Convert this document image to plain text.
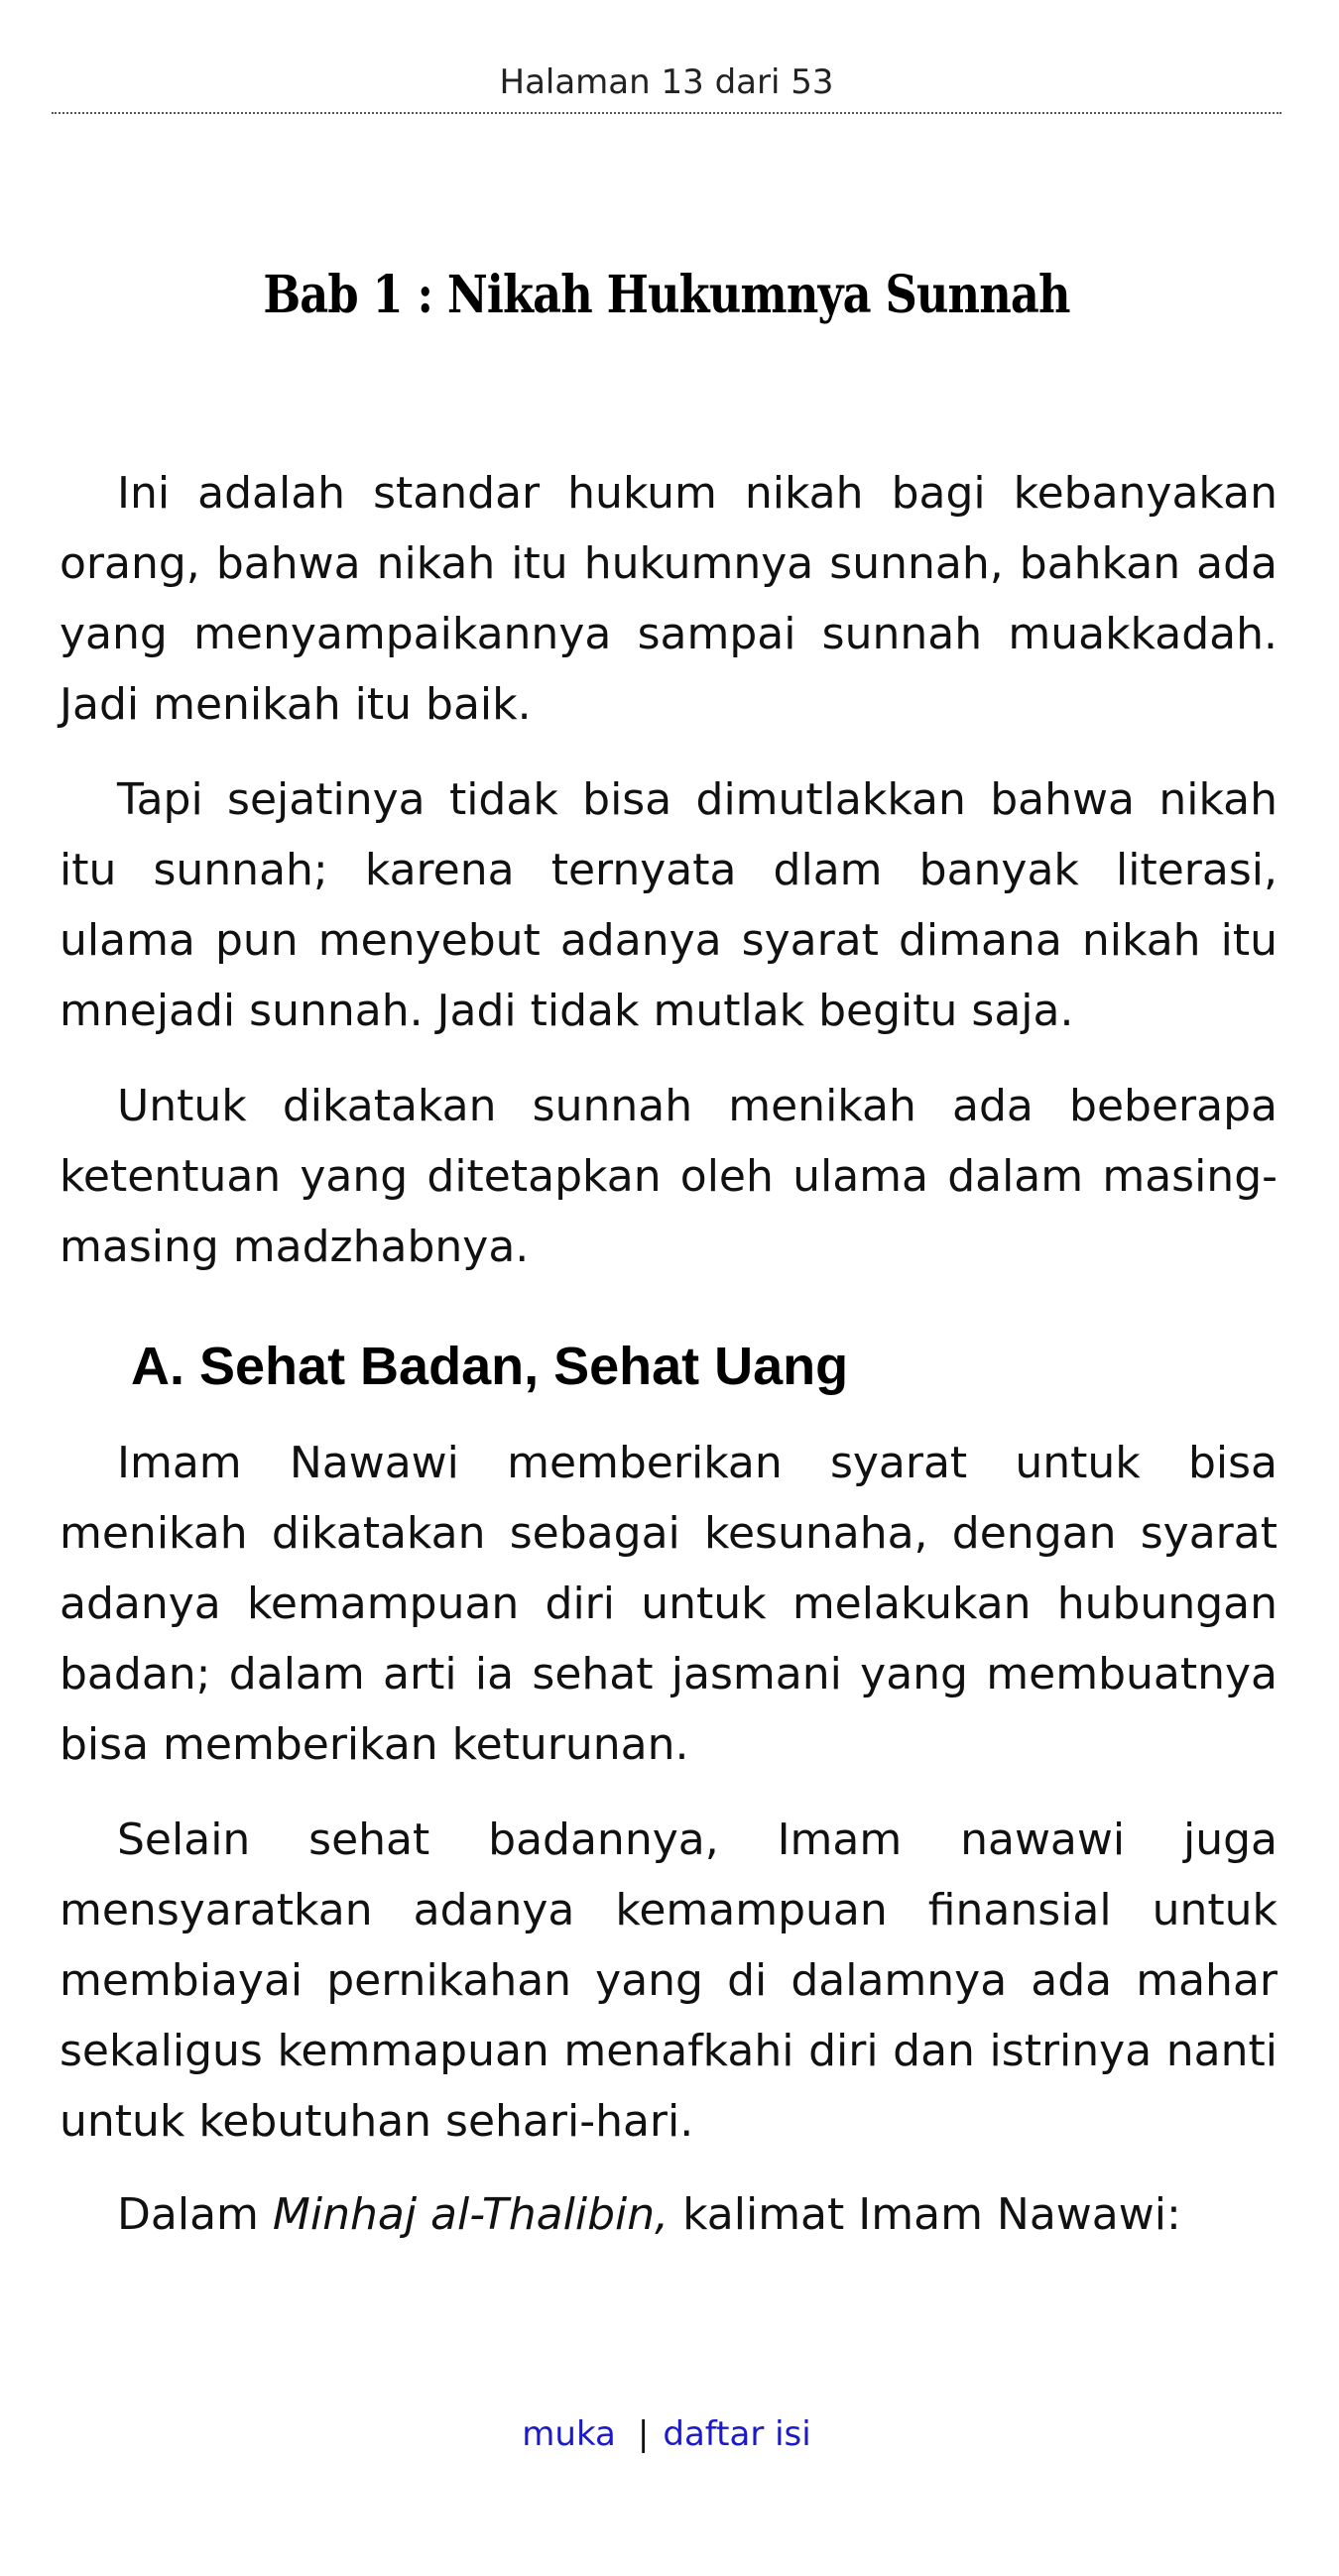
Halaman 13 dari 53
Bab 1 : Nikah Hukumnya Sunnah

Ini adalah standar hukum nikah bagi kebanyakan orang, bahwa nikah itu hukumnya sunnah, bahkan ada yang menyampaikannya sampai sunnah muakkadah. Jadi menikah itu baik.

Tapi sejatinya tidak bisa dimutlakkan bahwa nikah itu sunnah; karena ternyata dlam banyak literasi, ulama pun menyebut adanya syarat dimana nikah itu mnejadi sunnah. Jadi tidak mutlak begitu saja.

Untuk dikatakan sunnah menikah ada beberapa ketentuan yang ditetapkan oleh ulama dalam masing-masing madzhabnya.

A. Sehat Badan, Sehat Uang

Imam Nawawi memberikan syarat untuk bisa menikah dikatakan sebagai kesunaha, dengan syarat adanya kemampuan diri untuk melakukan hubungan badan; dalam arti ia sehat jasmani yang membuatnya bisa memberikan keturunan.

Selain sehat badannya, Imam nawawi juga mensyaratkan adanya kemampuan finansial untuk membiayai pernikahan yang di dalamnya ada mahar sekaligus kemmapuan menafkahi diri dan istrinya nanti untuk kebutuhan sehari-hari.

Dalam Minhaj al-Thalibin, kalimat Imam Nawawi:
muka | daftar isi
